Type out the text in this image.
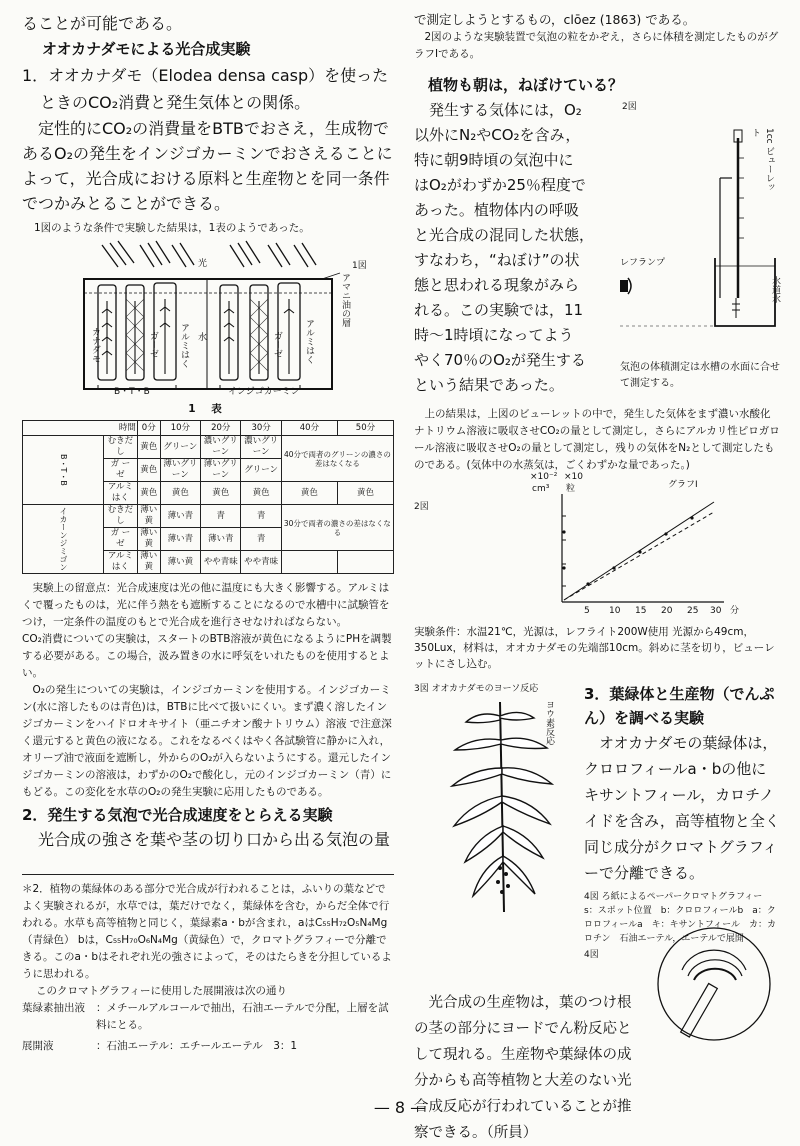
ることが可能である。

オオカナダモによる光合成実験

1．オオカナダモ（Elodea densa casp）を使った

ときのCO₂消費と発生気体との関係。

定性的にCO₂の消費量をBTBでおさえ，生成物であるO₂の発生をインジゴカーミンでおさえることによって，光合成における原料と生産物とを同一条件でつかみとることができる。

1図のような条件で実験した結果は，1表のようであった。

1図
光
アマニ油の層
水
カナダモ	ガーゼ アルミはく	ガーゼ アルミはく
B・T・B	インジゴカーミン

1 表

時間		0分	10分	20分	30分	40分	50分
B・T・B	むきだし	黄色	グリーン	濃いグリーン	濃いグリーン	40分で両者のグリーンの濃さの差はなくなる	
	ガ ー ゼ	黄色	薄いグリーン	薄いグリーン	グリーン		
	アルミはく	黄色	黄色	黄色	黄色	黄色	黄色
イカーンジミゴン	むきだし	薄い黄	薄い青	青	青	30分で両者の濃さの差はなくなる	
	ガ ー ゼ	薄い黄	薄い青	薄い青	青		
	アルミはく	薄い黄	薄い黄	やや青味	やや青味		

実験上の留意点：光合成速度は光の他に温度にも大きく影響する。アルミはくで覆ったものは，光に伴う熱をも遮断することになるので水槽中に試験管をつけ，一定条件の温度のもとで光合成を進行させなければならない。

CO₂消費についての実験は，スタートのBTB溶液が黄色になるようにPHを調製する必要がある。この場合，汲み置きの水に呼気をいれたものを使用するとよい。

O₂の発生についての実験は，インジゴカーミンを使用する。インジゴカーミン(水に溶したものは青色)は，BTBに比べて扱いにくい。まず濃く溶したインジゴカーミンをハイドロオキサイト（亜ニチオン酸ナトリウム）溶液 で注意深く還元すると黄色の液になる。これをなるべくはやく各試験管に静かに入れ，オリーブ油で液面を遮断し，外からのO₂が入らないようにする。還元したインジゴカーミンの溶液は，わずかのO₂で酸化し，元のインジゴカーミン（青）にもどる。この変化を水草のO₂の発生実験に応用したものである。

2．発生する気泡で光合成速度をとらえる実験

光合成の強さを葉や茎の切り口から出る気泡の量

＊2．植物の葉緑体のある部分で光合成が行われることは，ふいりの葉などでよく実験されるが，水草では，葉だけでなく，葉緑体を含む，からだ全体で行われる。水草も高等植物と同じく，葉緑素a・bが含まれ，aはC₅₅H₇₂O₅N₄Mg（青緑色） bは，C₅₅H₇₀O₆N₄Mg（黄緑色）で，クロマトグラフィーで分離できる。このa・bはそれぞれ光の強さによって，そのはたらきを分担しているように思われる。

このクロマトグラフィーに使用した展開液は次の通り

葉緑素抽出液	：メチールアルコールで抽出，石油エーテルで分配，上層を試料にとる。
展開液	：石油エーテル：エチールエーテル　3：1

で測定しようとするもの，clōez (1863) である。

2図のような実験装置で気泡の粒をかぞえ，さらに体積を測定したものがグラフⅠである。

植物も朝は，ねぼけている？

発生する気体には，O₂

以外にN₂やCO₂を含み，

特に朝9時頃の気泡中に

はO₂がわずか25％程度で

あった。植物体内の呼吸

と光合成の混同した状態，

すなわち，“ねぼけ”の状

態と思われる現象がみら

れる。この実験では，11

時～1時頃になってよう

やく70％のO₂が発生する

という結果であった。

2図
1cc ビューレット
レフランプ
水道水

気泡の体積測定は水槽の水面に合せて測定する。

上の結果は，上図のビューレットの中で，発生した気体をまず濃い水酸化ナトリウム溶液に吸収させCO₂の量として測定し，さらにアルカリ性ピロガロール溶液に吸収させO₂の量として測定し，残りの気体をN₂として測定したものである。(気体中の水蒸気は，ごくわずかな量であった。)

2図
グラフⅠ
×10⁻²
cm³
×10
粒
5 10 15 20 25 30 分

実験条件：水温21℃，光源は，レフライト200W使用 光源から49cm，350Lux，材料は，オオカナダモの先端部10cm。斜めに茎を切り，ビューレットにさし込む。

3図 オオカナダモのヨーソ反応
ヨウ素反応

3．葉緑体と生産物（でんぷん）を調べる実験

オオカナダモの葉緑体は，クロロフィールa・bの他にキサントフィール，カロチノイドを含み，高等植物と全く同じ成分がクロマトグラフィーで分離できる。

4図 ろ紙によるペーパークロマトグラフィー　s：スポット位置　b：クロロフィールb　a：クロロフィールa　キ：キサントフィール　カ：カロチン　石油エーテル，エーテルで展開

4図

光合成の生産物は，葉のつけ根の茎の部分にヨードでん粉反応として現れる。生産物や葉緑体の成分からも高等植物と大差のない光合成反応が行われていることが推察できる。（所員）

— 8 —
